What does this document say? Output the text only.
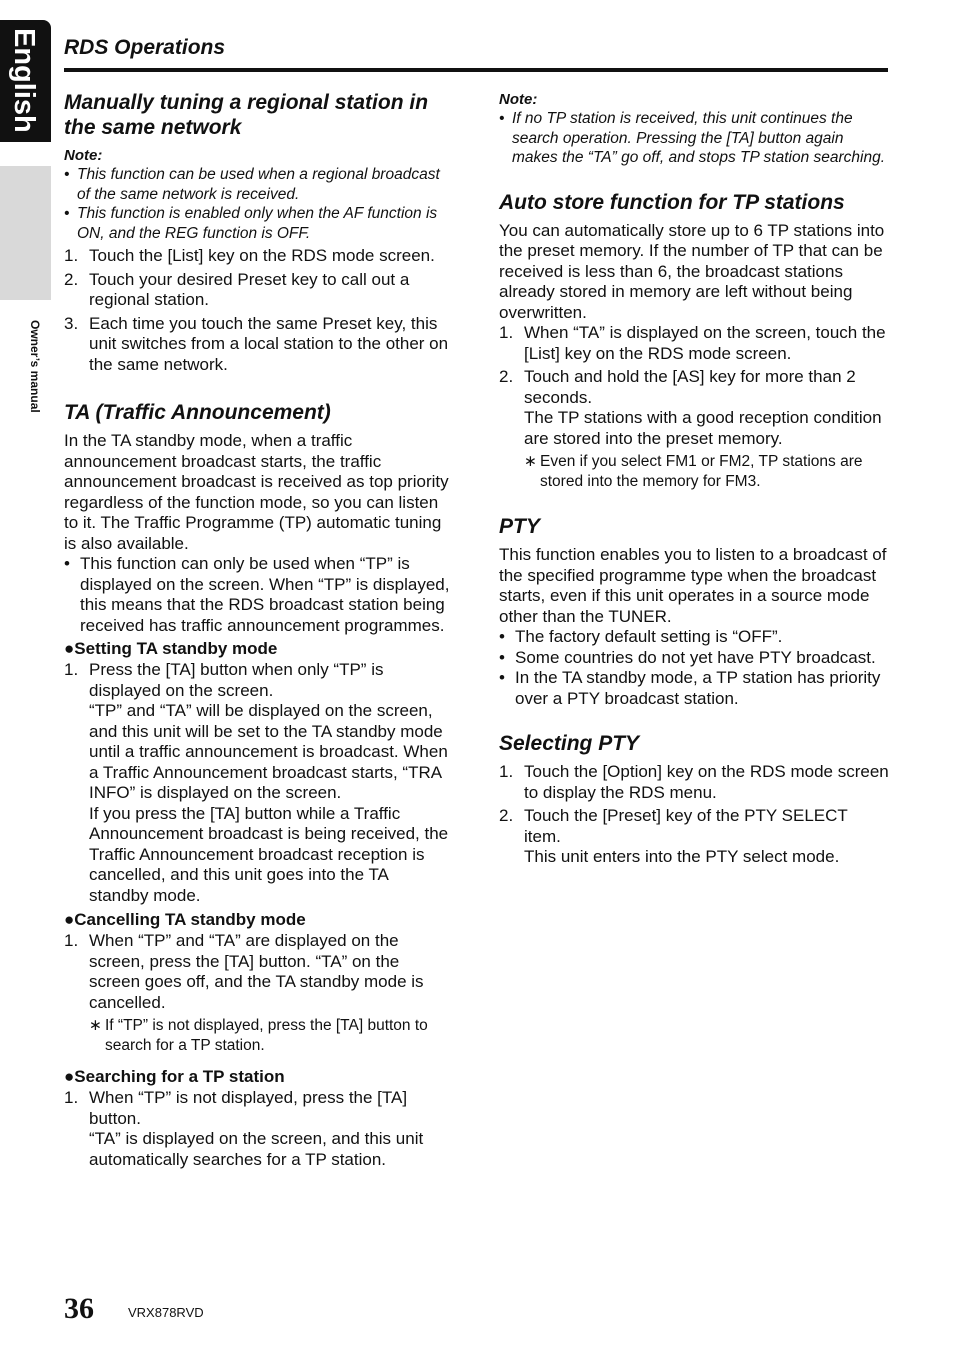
English
Owner’s manual
RDS Operations
Manually tuning a regional station in the same network
Note:
• This function can be used when a regional broadcast of the same network is received.
• This function is enabled only when the AF function is ON, and the REG function is OFF.
1. Touch the [List] key on the RDS mode screen.
2. Touch your desired Preset key to call out a regional station.
3. Each time you touch the same Preset key, this unit switches from a local station to the other on the same network.
TA (Traffic Announcement)
In the TA standby mode, when a traffic announcement broadcast starts, the traffic announcement broadcast is received as top priority regardless of the function mode, so you can listen to it. The Traffic Programme (TP) automatic tuning is also available.
• This function can only be used when “TP” is displayed on the screen. When “TP” is displayed, this means that the RDS broadcast station being received has traffic announcement programmes.
●Setting TA standby mode
1. Press the [TA] button when only “TP” is displayed on the screen.
“TP” and “TA” will be displayed on the screen, and this unit will be set to the TA standby mode until a traffic announcement is broadcast. When a Traffic Announcement broadcast starts, “TRA INFO” is displayed on the screen.
If you press the [TA] button while a Traffic Announcement broadcast is being received, the Traffic Announcement broadcast reception is cancelled, and this unit goes into the TA standby mode.
●Cancelling TA standby mode
1. When “TP” and “TA” are displayed on the screen, press the [TA] button. “TA” on the screen goes off, and the TA standby mode is cancelled.
∗ If “TP” is not displayed, press the [TA] button to search for a TP station.
●Searching for a TP station
1. When “TP” is not displayed, press the [TA] button.
“TA” is displayed on the screen, and this unit automatically searches for a TP station.
Note:
• If no TP station is received, this unit continues the search operation. Pressing the [TA] button again makes the “TA” go off, and stops TP station searching.
Auto store function for TP stations
You can automatically store up to 6 TP stations into the preset memory. If the number of TP that can be received is less than 6, the broadcast stations already stored in memory are left without being overwritten.
1. When “TA” is displayed on the screen, touch the [List] key on the RDS mode screen.
2. Touch and hold the [AS] key for more than 2 seconds.
The TP stations with a good reception condition are stored into the preset memory.
∗ Even if you select FM1 or FM2, TP stations are stored into the memory for FM3.
PTY
This function enables you to listen to a broadcast of the specified programme type when the broadcast starts, even if this unit operates in a source mode other than the TUNER.
• The factory default setting is “OFF”.
• Some countries do not yet have PTY broadcast.
• In the TA standby mode, a TP station has priority over a PTY broadcast station.
Selecting PTY
1. Touch the [Option] key on the RDS mode screen to display the RDS menu.
2. Touch the [Preset] key of the PTY SELECT item.
This unit enters into the PTY select mode.
36	VRX878RVD
